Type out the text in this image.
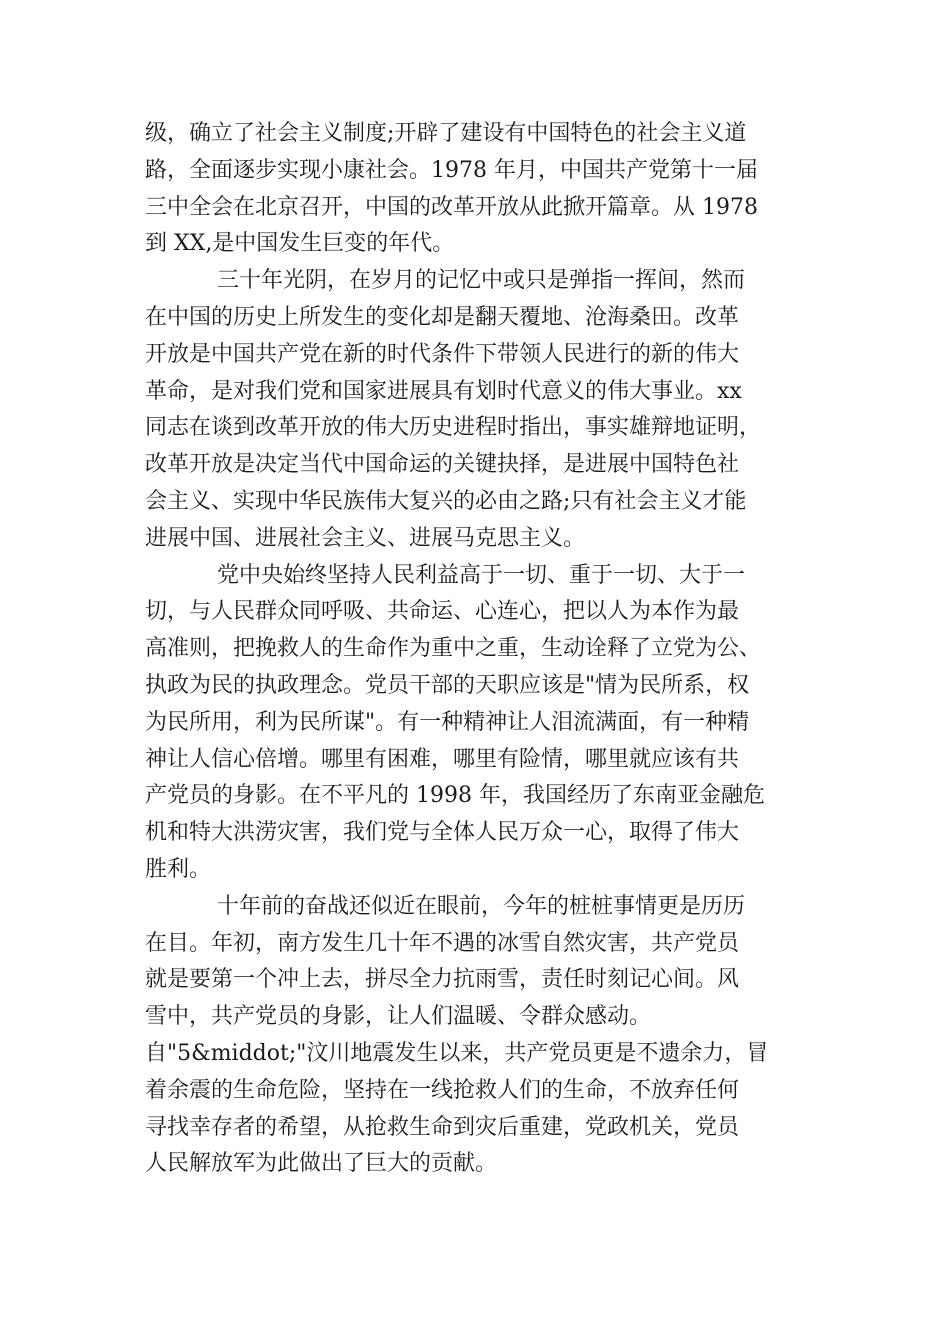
级，确立了社会主义制度;开辟了建设有中国特色的社会主义道
路，全面逐步实现小康社会。1978 年月，中国共产党第十一届
三中全会在北京召开，中国的改革开放从此掀开篇章。从 1978
到 XX,是中国发生巨变的年代。
三十年光阴，在岁月的记忆中或只是弹指一挥间，然而
在中国的历史上所发生的变化却是翻天覆地、沧海桑田。改革
开放是中国共产党在新的时代条件下带领人民进行的新的伟大
革命，是对我们党和国家进展具有划时代意义的伟大事业。xx
同志在谈到改革开放的伟大历史进程时指出，事实雄辩地证明，
改革开放是决定当代中国命运的关键抉择，是进展中国特色社
会主义、实现中华民族伟大复兴的必由之路;只有社会主义才能
进展中国、进展社会主义、进展马克思主义。
党中央始终坚持人民利益高于一切、重于一切、大于一
切，与人民群众同呼吸、共命运、心连心，把以人为本作为最
高准则，把挽救人的生命作为重中之重，生动诠释了立党为公、
执政为民的执政理念。党员干部的天职应该是"情为民所系，权
为民所用，利为民所谋"。有一种精神让人泪流满面，有一种精
神让人信心倍增。哪里有困难，哪里有险情，哪里就应该有共
产党员的身影。在不平凡的 1998 年，我国经历了东南亚金融危
机和特大洪涝灾害，我们党与全体人民万众一心，取得了伟大
胜利。
十年前的奋战还似近在眼前，今年的桩桩事情更是历历
在目。年初，南方发生几十年不遇的冰雪自然灾害，共产党员
就是要第一个冲上去，拼尽全力抗雨雪，责任时刻记心间。风
雪中，共产党员的身影，让人们温暖、令群众感动。
自"5&middot;"汶川地震发生以来，共产党员更是不遗余力，冒
着余震的生命危险，坚持在一线抢救人们的生命，不放弃任何
寻找幸存者的希望，从抢救生命到灾后重建，党政机关，党员
人民解放军为此做出了巨大的贡献。
